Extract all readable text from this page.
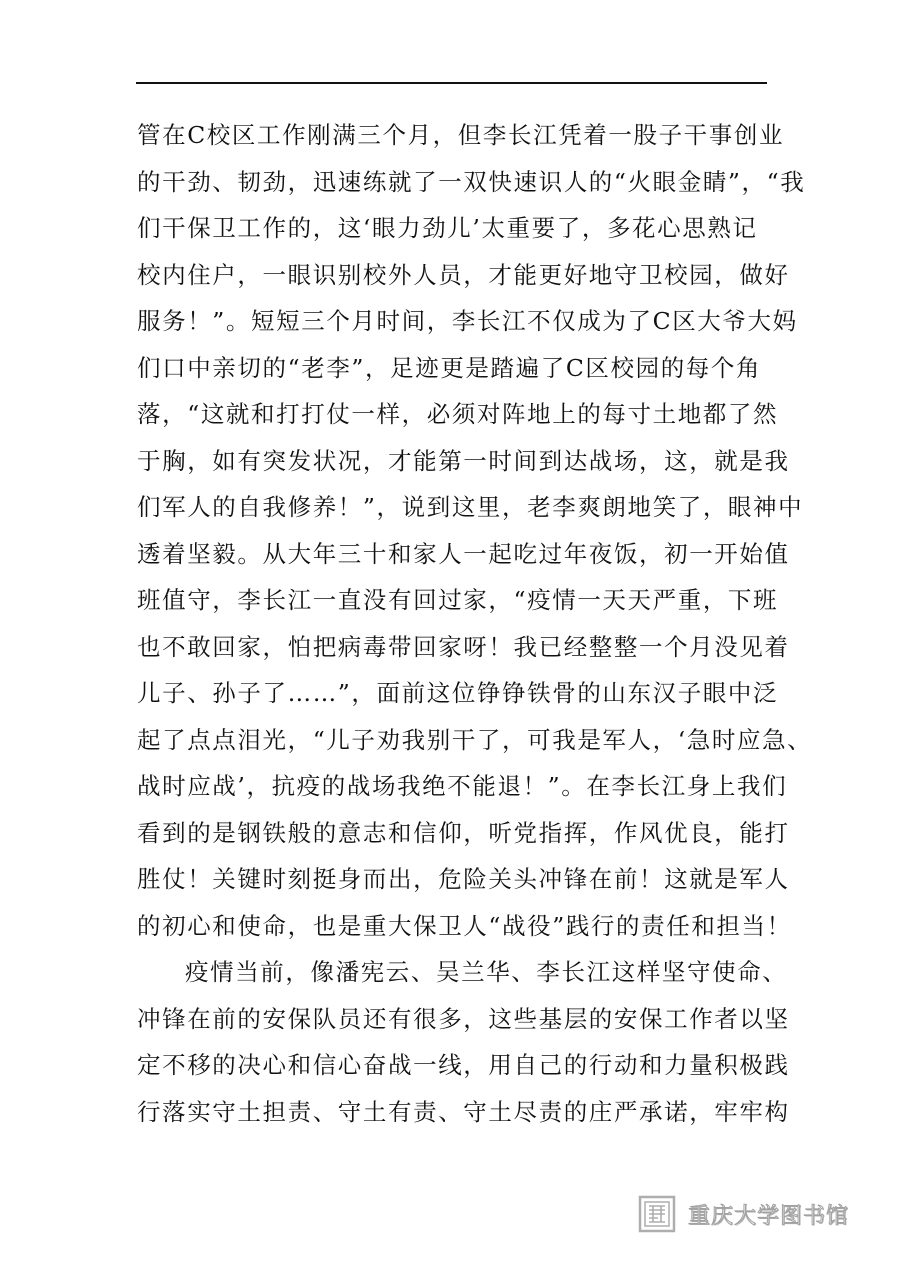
管在C校区工作刚满三个月，但李长江凭着一股子干事创业
的干劲、韧劲，迅速练就了一双快速识人的“火眼金睛”，“我
们干保卫工作的，这‘眼力劲儿’太重要了，多花心思熟记
校内住户，一眼识别校外人员，才能更好地守卫校园，做好
服务！”。短短三个月时间，李长江不仅成为了C区大爷大妈
们口中亲切的“老李”，足迹更是踏遍了C区校园的每个角
落，“这就和打打仗一样，必须对阵地上的每寸土地都了然
于胸，如有突发状况，才能第一时间到达战场，这，就是我
们军人的自我修养！”，说到这里，老李爽朗地笑了，眼神中
透着坚毅。从大年三十和家人一起吃过年夜饭，初一开始值
班值守，李长江一直没有回过家，“疫情一天天严重，下班
也不敢回家，怕把病毒带回家呀！我已经整整一个月没见着
儿子、孙子了……”，面前这位铮铮铁骨的山东汉子眼中泛
起了点点泪光，“儿子劝我别干了，可我是军人，‘急时应急、
战时应战’，抗疫的战场我绝不能退！”。在李长江身上我们
看到的是钢铁般的意志和信仰，听党指挥，作风优良，能打
胜仗！关键时刻挺身而出，危险关头冲锋在前！这就是军人
的初心和使命，也是重大保卫人“战役”践行的责任和担当！
疫情当前，像潘宪云、吴兰华、李长江这样坚守使命、
冲锋在前的安保队员还有很多，这些基层的安保工作者以坚
定不移的决心和信心奋战一线，用自己的行动和力量积极践
行落实守土担责、守土有责、守土尽责的庄严承诺，牢牢构
重庆大学图书馆
